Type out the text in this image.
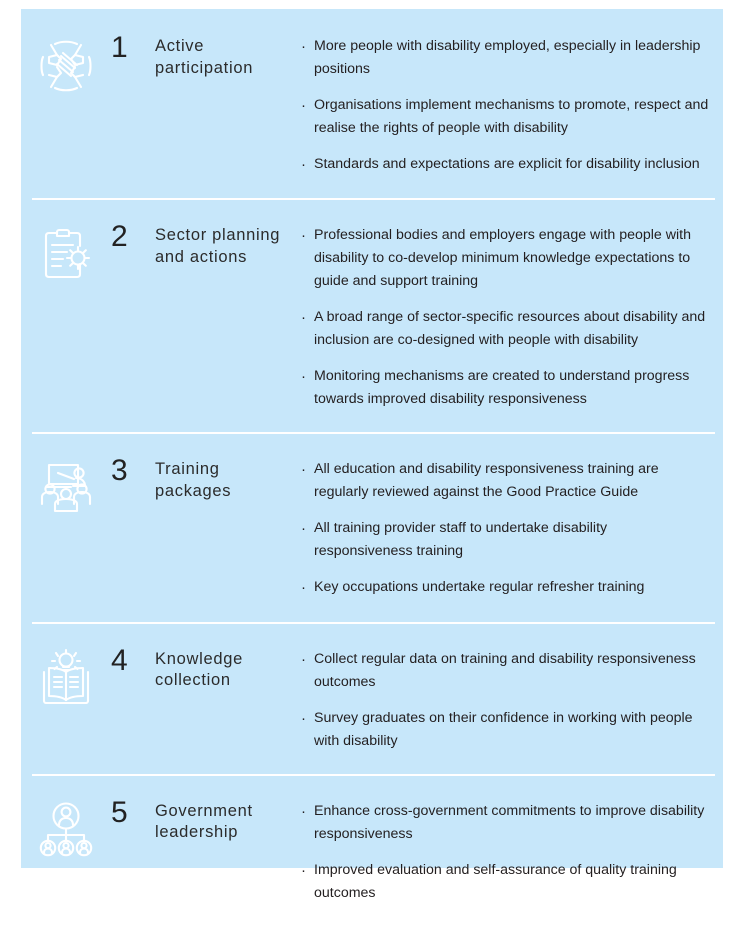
1	Active participation
· More people with disability employed, especially in leadership positions
· Organisations implement mechanisms to promote, respect and realise the rights of people with disability
· Standards and expectations are explicit for disability inclusion
2	Sector planning and actions
· Professional bodies and employers engage with people with disability to co-develop minimum knowledge expectations to guide and support training
· A broad range of sector-specific resources about disability and inclusion are co-designed with people with disability
· Monitoring mechanisms are created to understand progress towards improved disability responsiveness
3	Training packages
· All education and disability responsiveness training are regularly reviewed against the Good Practice Guide
· All training provider staff to undertake disability responsiveness training
· Key occupations undertake regular refresher training
4	Knowledge collection
· Collect regular data on training and disability responsiveness outcomes
· Survey graduates on their confidence in working with people with disability
5	Government leadership
· Enhance cross-government commitments to improve disability responsiveness
· Improved evaluation and self-assurance of quality training outcomes
